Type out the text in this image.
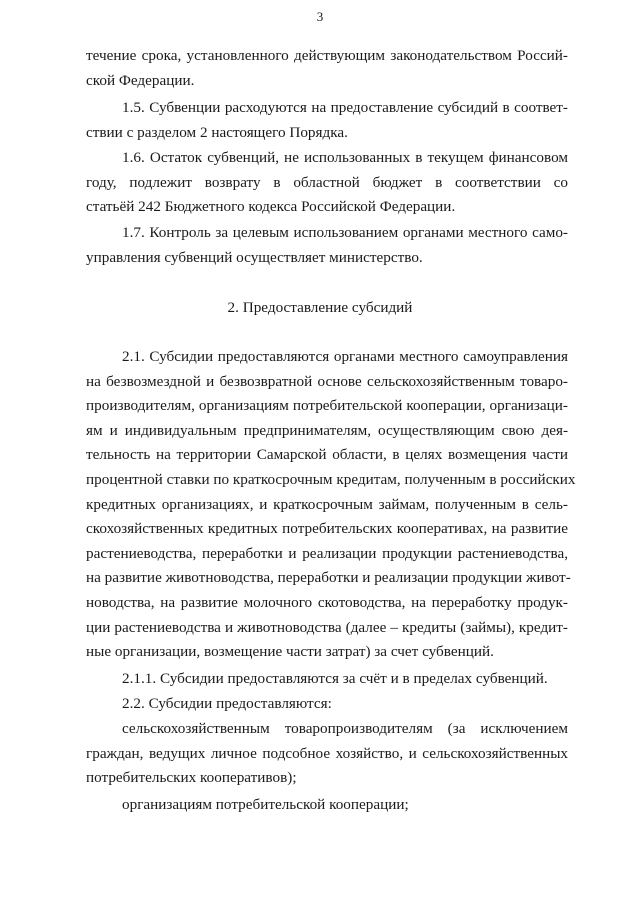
3
течение срока, установленного действующим законодательством Россий-
ской Федерации.
1.5. Субвенции расходуются на предоставление субсидий в соответ-
ствии с разделом 2 настоящего Порядка.
1.6. Остаток субвенций, не использованных в текущем финансовом
году, подлежит возврату в областной бюджет в соответствии со
статьёй 242 Бюджетного кодекса Российской Федерации.
1.7. Контроль за целевым использованием органами местного само-
управления субвенций осуществляет министерство.
2. Предоставление субсидий
2.1. Субсидии предоставляются органами местного самоуправления
на безвозмездной и безвозвратной основе сельскохозяйственным товаро-
производителям, организациям потребительской кооперации, организаци-
ям и индивидуальным предпринимателям, осуществляющим свою дея-
тельность на территории Самарской области, в целях возмещения части
процентной ставки по краткосрочным кредитам, полученным в российских
кредитных организациях, и краткосрочным займам, полученным в сель-
скохозяйственных кредитных потребительских кооперативах, на развитие
растениеводства, переработки и реализации продукции растениеводства,
на развитие животноводства, переработки и реализации продукции живот-
новодства, на развитие молочного скотоводства, на переработку продук-
ции растениеводства и животноводства (далее – кредиты (займы), кредит-
ные организации, возмещение части затрат) за счет субвенций.
2.1.1. Субсидии предоставляются за счёт и в пределах субвенций.
2.2. Субсидии предоставляются:
сельскохозяйственным товаропроизводителям (за исключением
граждан, ведущих личное подсобное хозяйство, и сельскохозяйственных
потребительских кооперативов);
организациям потребительской кооперации;
